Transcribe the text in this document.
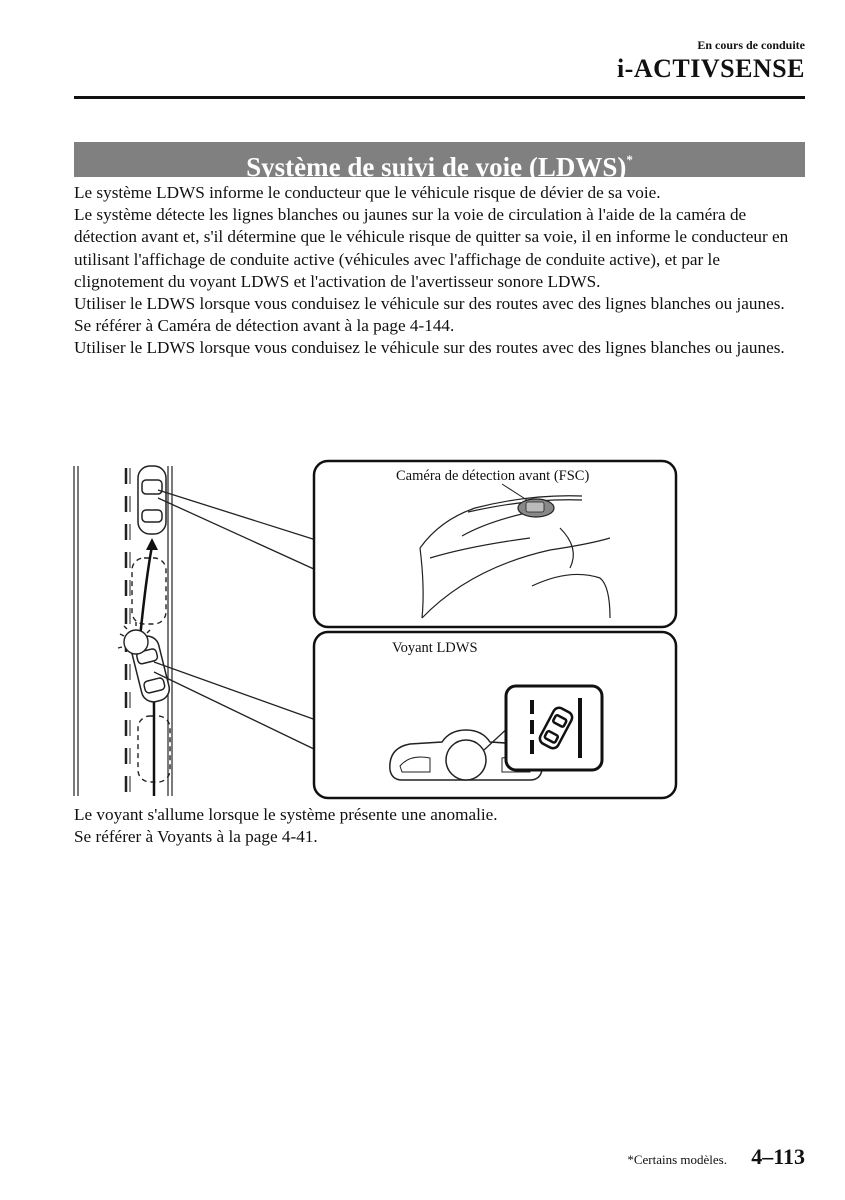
En cours de conduite
i-ACTIVSENSE
Système de suivi de voie (LDWS)*

Le système LDWS informe le conducteur que le véhicule risque de dévier de sa voie.

Le système détecte les lignes blanches ou jaunes sur la voie de circulation à l'aide de la caméra de détection avant et, s'il détermine que le véhicule risque de quitter sa voie, il en informe le conducteur en utilisant l'affichage de conduite active (véhicules avec l'affichage de conduite active), et par le clignotement du voyant LDWS et l'activation de l'avertisseur sonore LDWS.

Utiliser le LDWS lorsque vous conduisez le véhicule sur des routes avec des lignes blanches ou jaunes.

Se référer à Caméra de détection avant à la page 4-144.

Utiliser le LDWS lorsque vous conduisez le véhicule sur des routes avec des lignes blanches ou jaunes.

Caméra de détection avant (FSC)
Voyant LDWS

Le voyant s'allume lorsque le système présente une anomalie.

Se référer à Voyants à la page 4-41.

*Certains modèles. 4–113
